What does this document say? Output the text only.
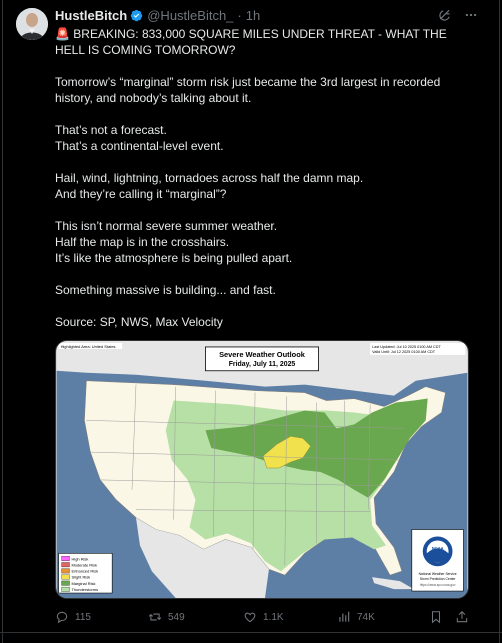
HustleBitch @HustleBitch_ · 1h

🚨 BREAKING: 833,000 SQUARE MILES UNDER THREAT - WHAT THE

HELL IS COMING TOMORROW?

Tomorrow’s “marginal” storm risk just became the 3rd largest in recorded

history, and nobody’s talking about it.

That’s not a forecast.

That’s a continental-level event.

Hail, wind, lightning, tornadoes across half the damn map.

And they’re calling it “marginal”?

This isn’t normal severe summer weather.

Half the map is in the crosshairs.

It’s like the atmosphere is being pulled apart.

Something massive is building... and fast.

Source: SP, NWS, Max Velocity

Highlighted Area: United States
Severe Weather Outlook
Friday, July 11, 2025
Last Updated: Jul 10 2025 0100 AM CDT
Valid Until: Jul 12 2025 0100 AM CDT
High Risk
Moderate Risk
Enhanced Risk
Slight Risk
Marginal Risk
Thunderstorms
NOAA
National Weather Service
Storm Prediction Center
https://www.spc.noaa.gov
115	549	1.1K	74K
